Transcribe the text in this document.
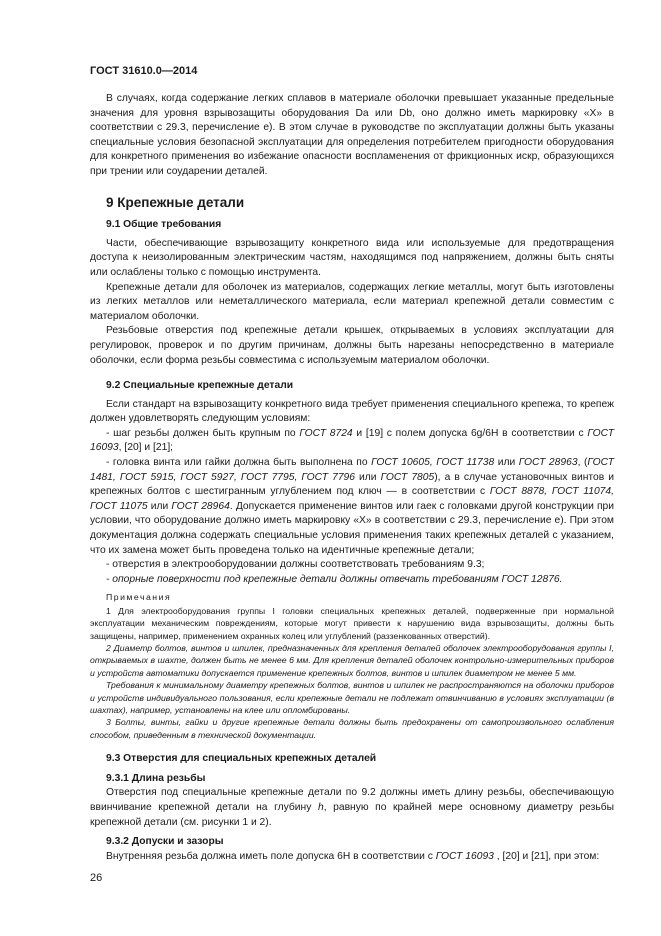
ГОСТ 31610.0—2014

В случаях, когда содержание легких сплавов в материале оболочки превышает указанные предельные значения для уровня взрывозащиты оборудования Da или Db, оно должно иметь маркировку «X» в соответствии с 29.3, перечисление е). В этом случае в руководстве по эксплуатации должны быть указаны специальные условия безопасной эксплуатации для определения потребителем пригодности оборудования для конкретного применения во избежание опасности воспламенения от фрикционных искр, образующихся при трении или соударении деталей.

9 Крепежные детали
9.1 Общие требования

Части, обеспечивающие взрывозащиту конкретного вида или используемые для предотвращения доступа к неизолированным электрическим частям, находящимся под напряжением, должны быть сняты или ослаблены только с помощью инструмента.

Крепежные детали для оболочек из материалов, содержащих легкие металлы, могут быть изготовлены из легких металлов или неметаллического материала, если материал крепежной детали совместим с материалом оболочки.

Резьбовые отверстия под крепежные детали крышек, открываемых в условиях эксплуатации для регулировок, проверок и по другим причинам, должны быть нарезаны непосредственно в материале оболочки, если форма резьбы совместима с используемым материалом оболочки.

9.2 Специальные крепежные детали

Если стандарт на взрывозащиту конкретного вида требует применения специального крепежа, то крепеж должен удовлетворять следующим условиям:

- шаг резьбы должен быть крупным по ГОСТ 8724 и [19] с полем допуска 6g/6H в соответствии с ГОСТ 16093, [20] и [21];

- головка винта или гайки должна быть выполнена по ГОСТ 10605, ГОСТ 11738 или ГОСТ 28963, (ГОСТ 1481, ГОСТ 5915, ГОСТ 5927, ГОСТ 7795, ГОСТ 7796 или ГОСТ 7805), а в случае установочных винтов и крепежных болтов с шестигранным углублением под ключ — в соответствии с ГОСТ 8878, ГОСТ 11074, ГОСТ 11075 или ГОСТ 28964. Допускается применение винтов или гаек с головками другой конструкции при условии, что оборудование должно иметь маркировку «X» в соответствии с 29.3, перечисление е). При этом документация должна содержать специальные условия применения таких крепежных деталей с указанием, что их замена может быть проведена только на идентичные крепежные детали;

- отверстия в электрооборудовании должны соответствовать требованиям 9.3;

- опорные поверхности под крепежные детали должны отвечать требованиям ГОСТ 12876.

Примечания

1 Для электрооборудования группы I головки специальных крепежных деталей, подверженные при нормальной эксплуатации механическим повреждениям, которые могут привести к нарушению вида взрывозащиты, должны быть защищены, например, применением охранных колец или углублений (раззенкованных отверстий).

2 Диаметр болтов, винтов и шпилек, предназначенных для крепления деталей оболочек электрооборудования группы I, открываемых в шахте, должен быть не менее 6 мм. Для крепления деталей оболочек контрольно-измерительных приборов и устройств автоматики допускается применение крепежных болтов, винтов и шпилек диаметром не менее 5 мм.

Требования к минимальному диаметру крепежных болтов, винтов и шпилек не распространяются на оболочки приборов и устройств индивидуального пользования, если крепежные детали не подлежат отвинчиванию в условиях эксплуатации (в шахтах), например, установлены на клее или опломбированы.

3 Болты, винты, гайки и другие крепежные детали должны быть предохранены от самопроизвольного ослабления способом, приведенным в технической документации.

9.3 Отверстия для специальных крепежных деталей
9.3.1 Длина резьбы

Отверстия под специальные крепежные детали по 9.2 должны иметь длину резьбы, обеспечивающую ввинчивание крепежной детали на глубину h, равную по крайней мере основному диаметру резьбы крепежной детали (см. рисунки 1 и 2).

9.3.2 Допуски и зазоры

Внутренняя резьба должна иметь поле допуска 6Н в соответствии с ГОСТ 16093 , [20] и [21], при этом:

26
